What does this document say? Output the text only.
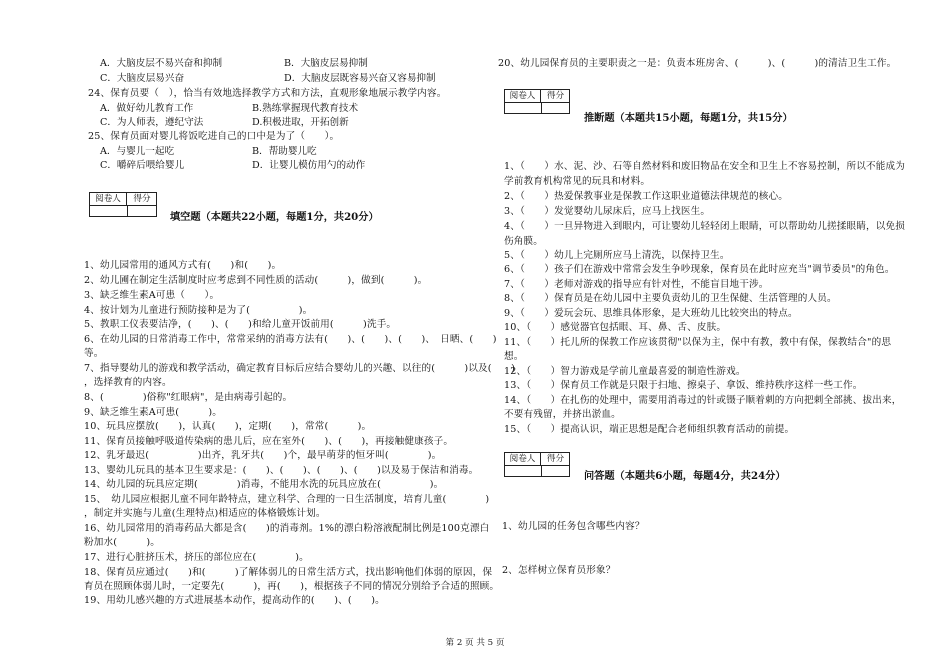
A．大脑皮层不易兴奋和抑制	B．大脑皮层易抑制
C．大脑皮层易兴奋	D．大脑皮层既容易兴奋又容易抑制
24、保育员要（　），恰当有效地选择教学方式和方法，直观形象地展示教学内容。
A．做好幼儿教育工作	B.熟练掌握现代教育技术
C．为人师表，遵纪守法	D.积极进取，开拓创新
25、保育员面对婴儿将饭吃进自己的口中是为了（　　）。
A．与婴儿一起吃	B．帮助婴儿吃
C．嚼碎后喂给婴儿	D．让婴儿模仿用勺的动作
阅卷人	得分
填空题（本题共22小题，每题1分，共20分）
1、幼儿园常用的通风方式有(　　)和(　　)。
2、幼儿圃在制定生活制度时应考虑到不同性质的活动(　　　)，做到(　　　)。
3、缺乏维生素A可患（　　）。
4、按计划为儿童进行预防接种是为了(　　　　　)。
5、教职工仪表要洁净，(　　)、(　　)和给儿童开饭前用(　　　)洗手。
6、在幼儿园的日常消毒工作中，常常采纳的消毒方法有(　　)、(　　)、(　　)、　日晒、(　　)
等。
7、指导婴幼儿的游戏和教学活动，确定教育目标后应结合婴幼儿的兴趣、以往的(　　　)以及(　　)
，选择教育的内容。
8、(　　　　)俗称"红眼病"，是由病毒引起的。
9、缺乏维生素A可患(　　　)。
10、玩具应摆放(　　)，认真(　　)，定期(　　)，常常(　　　)。
11、保育员接触呼吸道传染病的患儿后，应在室外(　　)、(　　)，再接触健康孩子。
12、乳牙最迟(　　　　　)出齐，乳牙共(　　)个，最早萌芽的恒牙叫(　　　　)。
13、婴幼儿玩具的基本卫生要求是：(　　)、(　　)、(　　)、(　　)以及易于保洁和消毒。
14、幼儿园的玩具应定期(　　　　)消毒，不能用水洗的玩具应放在(　　　　　)。
15、　幼儿园应根据儿童不同年龄特点，建立科学、合理的一日生活制度，培育儿童(　　　　)
，制定并实施与儿童(生理特点)相适应的体格锻炼计划。
16、幼儿园常用的消毒药品大都是含(　　)的消毒剂。1%的漂白粉溶液配制比例是100克漂白
粉加水(　　　)。
17、进行心脏挤压术，挤压的部位应在(　　　　)。
18、保育员应通过(　　)和(　　　)了解体弱儿的日常生活方式，找出影响他们体弱的原因，保
育员在照顾体弱儿时，一定要先(　　　)，再(　　)，根据孩子不同的情况分别给予合适的照顾。
19、用幼儿感兴趣的方式进展基本动作，提高动作的(　　)、(　　)。
20、幼儿园保育员的主要职责之一是：负责本班房舍、(　　　)、(　　　)的清洁卫生工作。
阅卷人	得分
推断题（本题共15小题，每题1分，共15分）
1、（　　）水、泥、沙、石等自然材料和废旧物品在安全和卫生上不容易控制，所以不能成为
学前教育机构常见的玩具和材料。
2、（　　）热爱保教事业是保教工作这职业道德法律规范的核心。
3、（　　）发觉婴幼儿尿床后，应马上找医生。
4、（　　）一旦异物进入到眼内，可让婴幼儿轻轻闭上眼睛，可以帮助幼儿搓揉眼睛，以免损
伤角膜。
5、（　　）幼儿上完厕所应马上清洗，以保持卫生。
6、（　　）孩子们在游戏中常常会发生争吵现象，保育员在此时应充当"调节委员"的角色。
7、（　　）老师对游戏的指导应有针对性，不能盲目地干涉。
8、（　　）保育员是在幼儿园中主要负责幼儿的卫生保健、生活管理的人员。
9、（　　）爱玩会玩、思维具体形象，是大班幼儿比较突出的特点。
10、（　　）感觉器官包括眼、耳、鼻、舌、皮肤。
11、（　　）托儿所的保教工作应该贯彻"以保为主，保中有教，教中有保，保教结合"的思
想。
12、（　　）智力游戏是学前儿童最喜爱的制造性游戏。
13、（　　）保育员工作就是只限于扫地、擦桌子、拿饭、维持秩序这样一些工作。
14、（　　）在扎伤的处理中，需要用消毒过的针或镊子顺着刺的方向把刺全部挑、拔出来，
不要有残留，并挤出淤血。
15、（　　）提高认识，端正思想是配合老师组织教育活动的前提。
阅卷人	得分
问答题（本题共6小题，每题4分，共24分）
1、幼儿园的任务包含哪些内容？
2、怎样树立保育员形象？
第 2 页 共 5 页
